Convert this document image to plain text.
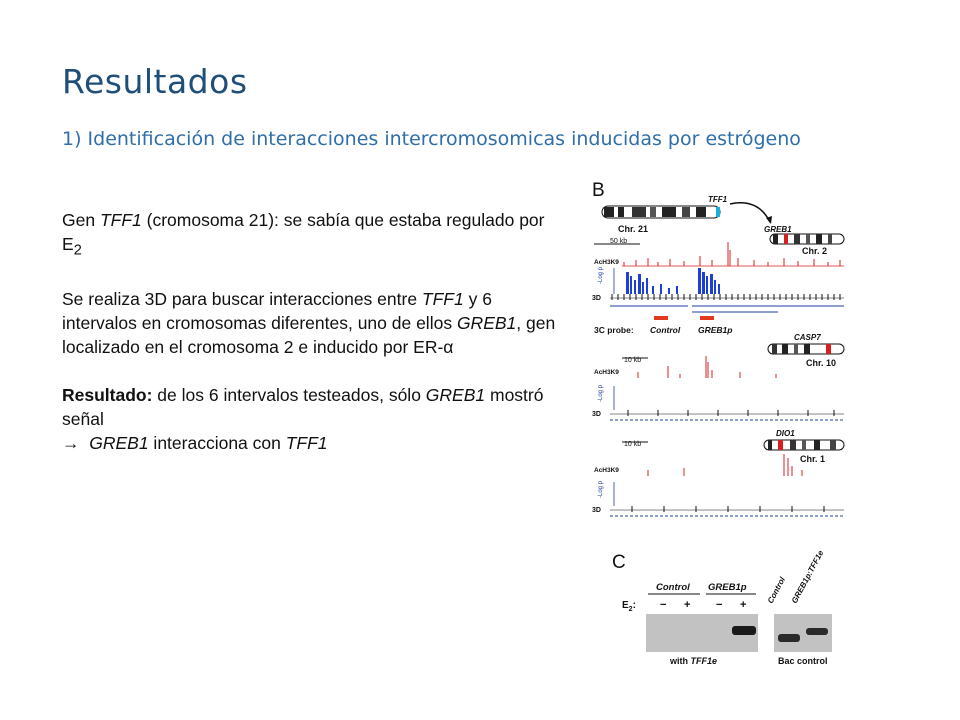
Resultados
1) Identificación de interacciones intercromosomicas inducidas por estrógeno

Gen TFF1 (cromosoma 21): se sabía que estaba regulado por $E_2$

Se realiza 3D para buscar interacciones entre TFF1 y 6 intervalos en cromosomas diferentes, uno de ellos GREB1, gen localizado en el cromosoma 2 e inducido por ER-α

Resultado: de los 6 intervalos testeados, sólo GREB1 mostró señal

→ GREB1 interacciona con TFF1

B
Chr. 21
TFF1
GREB1
Chr. 2
50 kb
AcH3K9
-Log p
3D
3C probe: Control GREB1p
CASP7
Chr. 10
10 kb
AcH3K9
-Log p
3D
DIO1
Chr. 1
10 kb
AcH3K9
-Log p
3D
C
Control GREB1p
$E_2$: − + − +
Control GREB1p:TFF1e
with TFF1e	Bac control
